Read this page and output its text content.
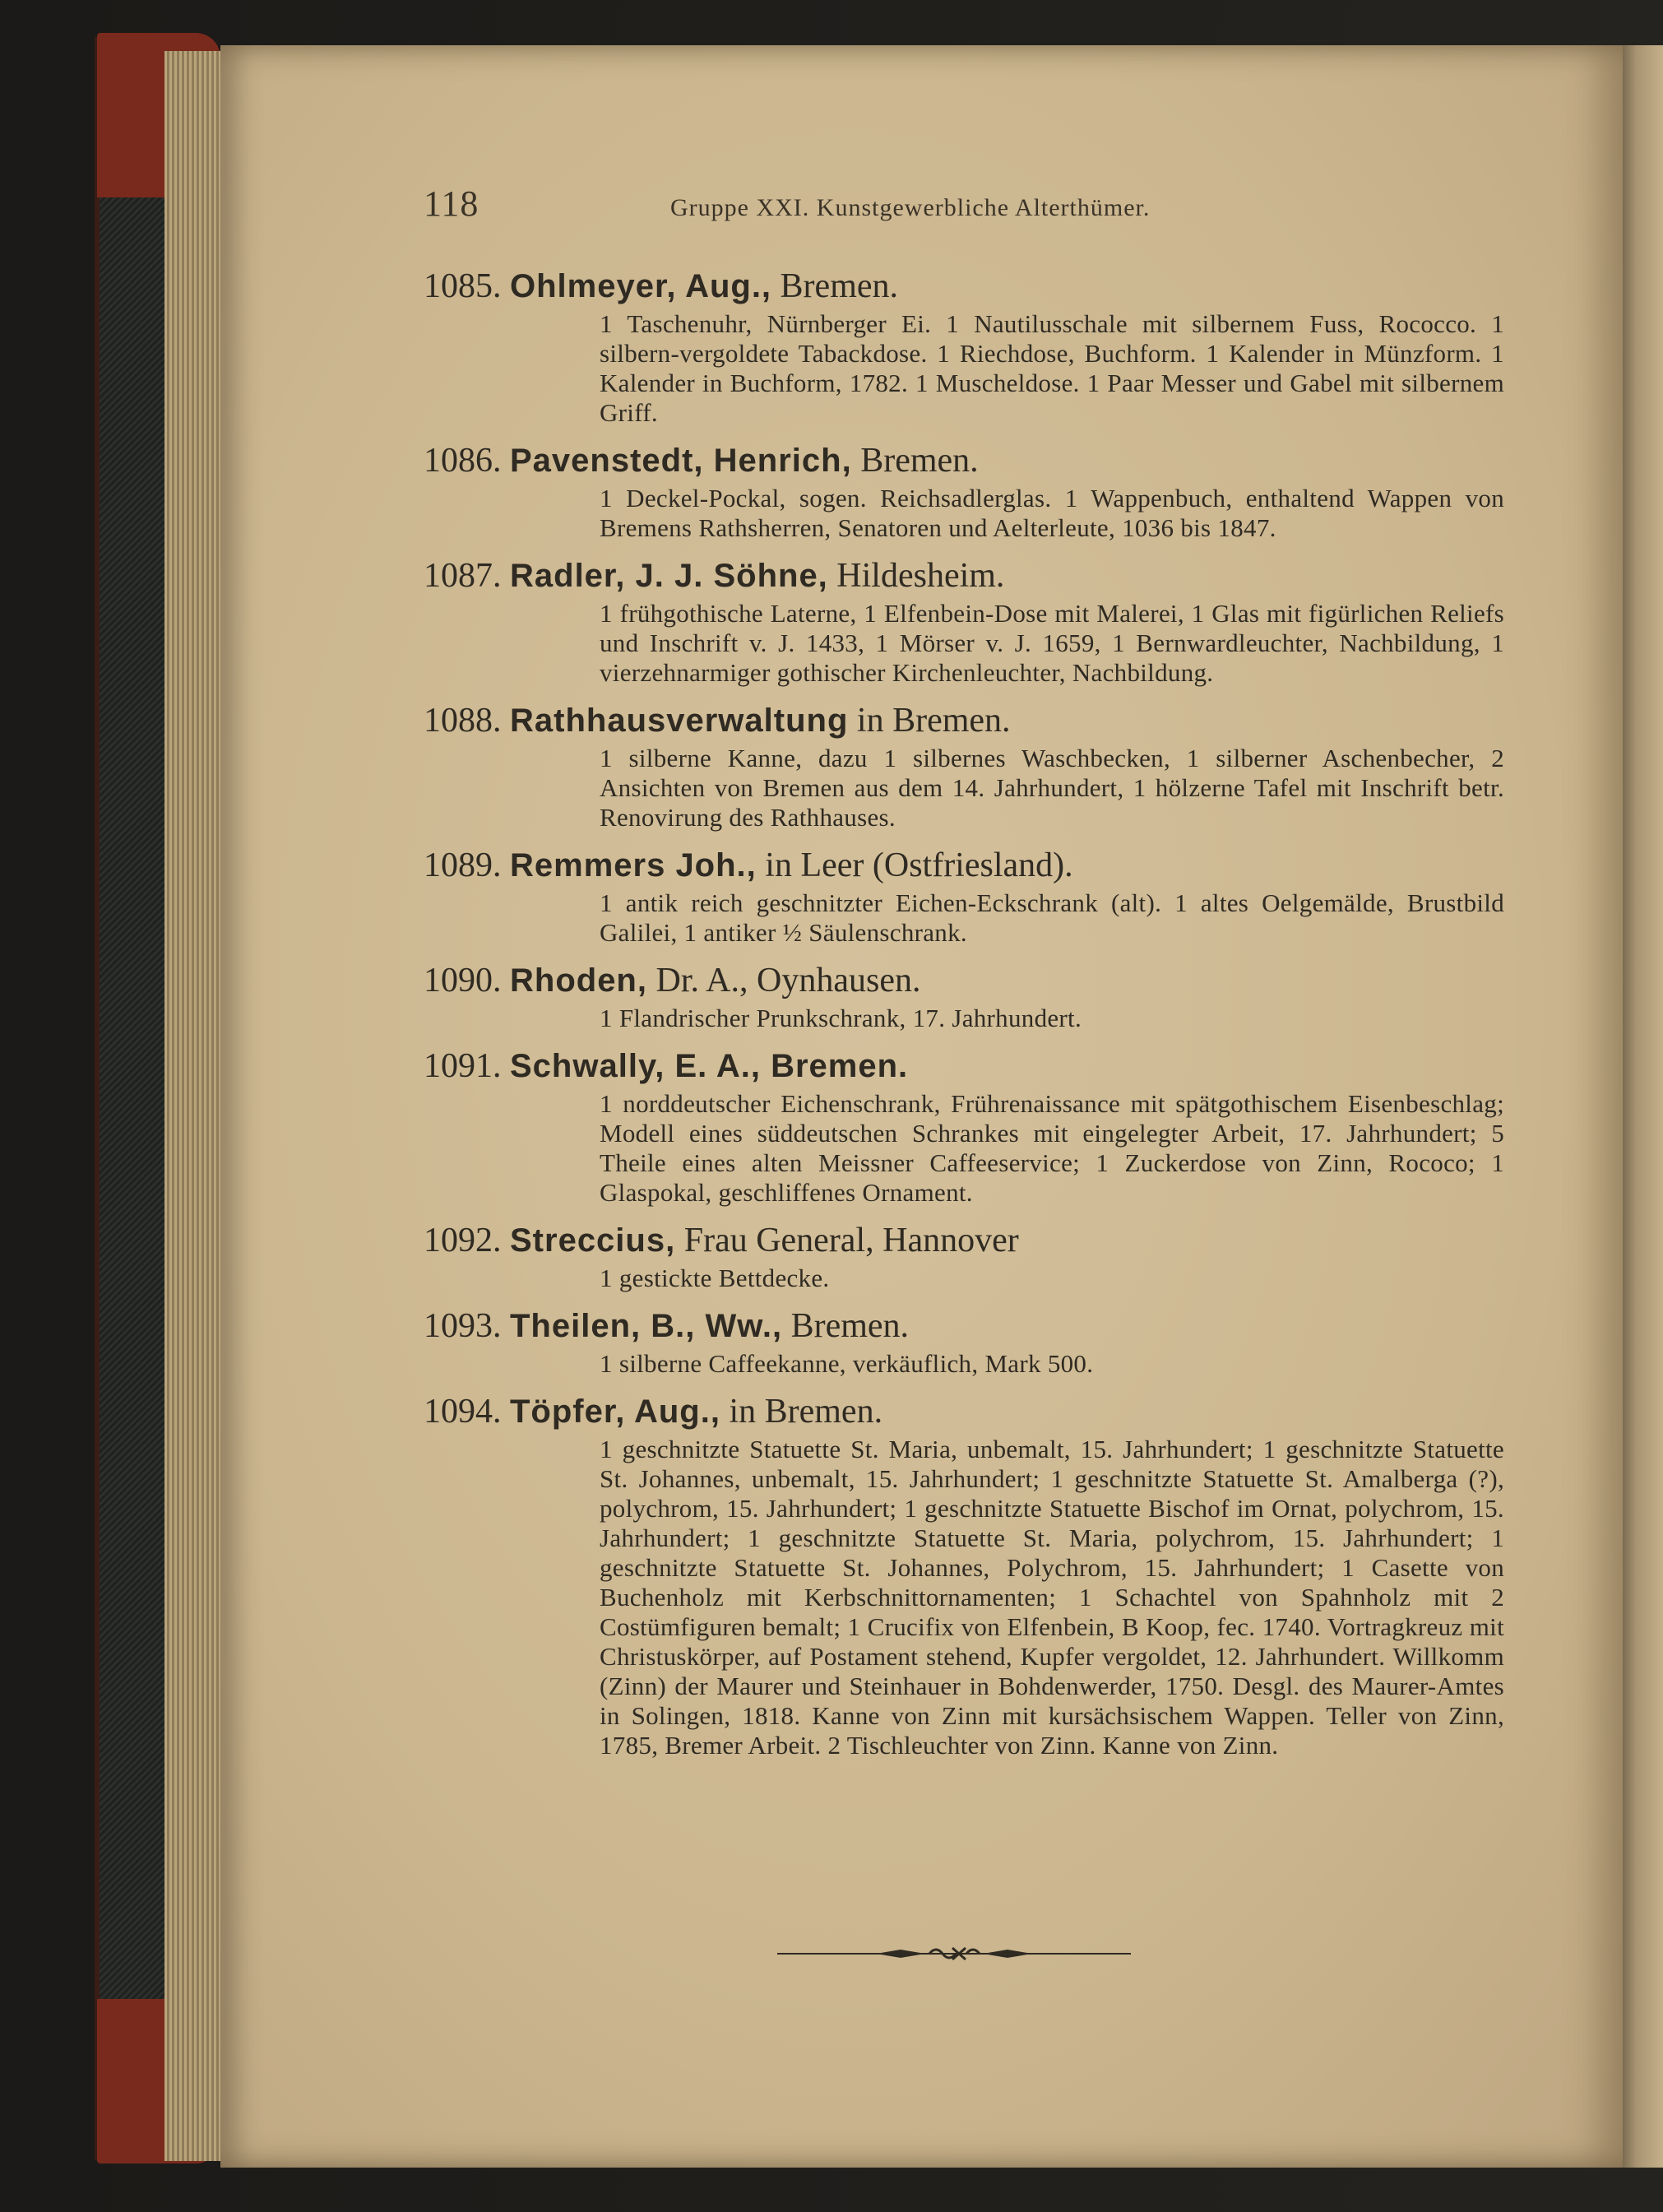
118	Gruppe XXI. Kunstgewerbliche Alterthümer.
1085. Ohlmeyer, Aug., Bremen.
1 Taschenuhr, Nürnberger Ei. 1 Nautilusschale mit silbernem Fuss, Rococco. 1 silbern-vergoldete Tabackdose. 1 Riechdose, Buchform. 1 Kalender in Münzform. 1 Kalender in Buchform, 1782. 1 Muscheldose. 1 Paar Messer und Gabel mit silbernem Griff.
1086. Pavenstedt, Henrich, Bremen.
1 Deckel-Pockal, sogen. Reichsadlerglas. 1 Wappenbuch, enthaltend Wappen von Bremens Rathsherren, Senatoren und Aelterleute, 1036 bis 1847.
1087. Radler, J. J. Söhne, Hildesheim.
1 frühgothische Laterne, 1 Elfenbein-Dose mit Malerei, 1 Glas mit figürlichen Reliefs und Inschrift v. J. 1433, 1 Mörser v. J. 1659, 1 Bernwardleuchter, Nachbildung, 1 vierzehnarmiger gothischer Kirchenleuchter, Nachbildung.
1088. Rathhausverwaltung in Bremen.
1 silberne Kanne, dazu 1 silbernes Waschbecken, 1 silberner Aschenbecher, 2 Ansichten von Bremen aus dem 14. Jahrhundert, 1 hölzerne Tafel mit Inschrift betr. Renovirung des Rathhauses.
1089. Remmers Joh., in Leer (Ostfriesland).
1 antik reich geschnitzter Eichen-Eckschrank (alt). 1 altes Oelgemälde, Brustbild Galilei, 1 antiker ½ Säulenschrank.
1090. Rhoden, Dr. A., Oynhausen.
1 Flandrischer Prunkschrank, 17. Jahrhundert.
1091. Schwally, E. A., Bremen.
1 norddeutscher Eichenschrank, Frührenaissance mit spätgothischem Eisenbeschlag; Modell eines süddeutschen Schrankes mit eingelegter Arbeit, 17. Jahrhundert; 5 Theile eines alten Meissner Caffeeservice; 1 Zuckerdose von Zinn, Rococo; 1 Glaspokal, geschliffenes Ornament.
1092. Streccius, Frau General, Hannover
1 gestickte Bettdecke.
1093. Theilen, B., Ww., Bremen.
1 silberne Caffeekanne, verkäuflich, Mark 500.
1094. Töpfer, Aug., in Bremen.
1 geschnitzte Statuette St. Maria, unbemalt, 15. Jahrhundert; 1 geschnitzte Statuette St. Johannes, unbemalt, 15. Jahrhundert; 1 geschnitzte Statuette St. Amalberga (?), polychrom, 15. Jahrhundert; 1 geschnitzte Statuette Bischof im Ornat, polychrom, 15. Jahrhundert; 1 geschnitzte Statuette St. Maria, polychrom, 15. Jahrhundert; 1 geschnitzte Statuette St. Johannes, Polychrom, 15. Jahrhundert; 1 Casette von Buchenholz mit Kerbschnittornamenten; 1 Schachtel von Spahnholz mit 2 Costümfiguren bemalt; 1 Crucifix von Elfenbein, B Koop, fec. 1740. Vortragkreuz mit Christuskörper, auf Postament stehend, Kupfer vergoldet, 12. Jahrhundert. Willkomm (Zinn) der Maurer und Steinhauer in Bohdenwerder, 1750. Desgl. des Maurer-Amtes in Solingen, 1818. Kanne von Zinn mit kursächsischem Wappen. Teller von Zinn, 1785, Bremer Arbeit. 2 Tischleuchter von Zinn. Kanne von Zinn.
